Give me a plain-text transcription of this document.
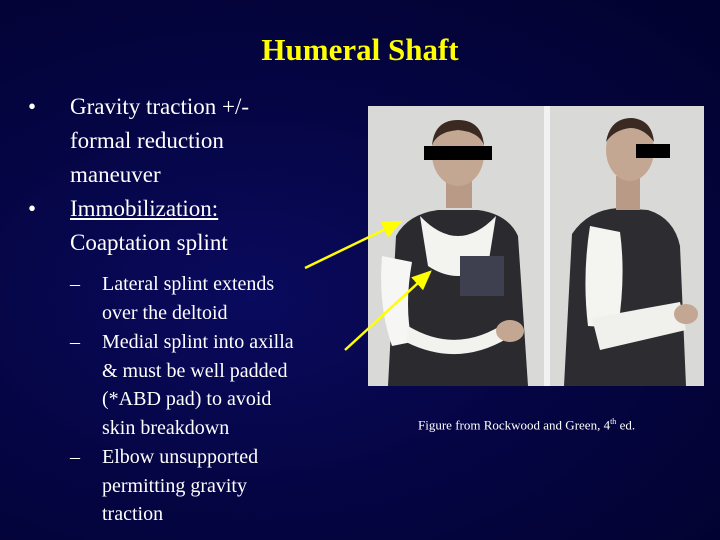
Humeral Shaft
• Gravity traction +/-
formal reduction
maneuver
• Immobilization:
Coaptation splint
– Lateral splint extends
over the deltoid
– Medial splint into axilla
& must be well padded
(*ABD pad) to avoid
skin breakdown
– Elbow unsupported
permitting gravity
traction
Figure from Rockwood and Green, 4th ed.
